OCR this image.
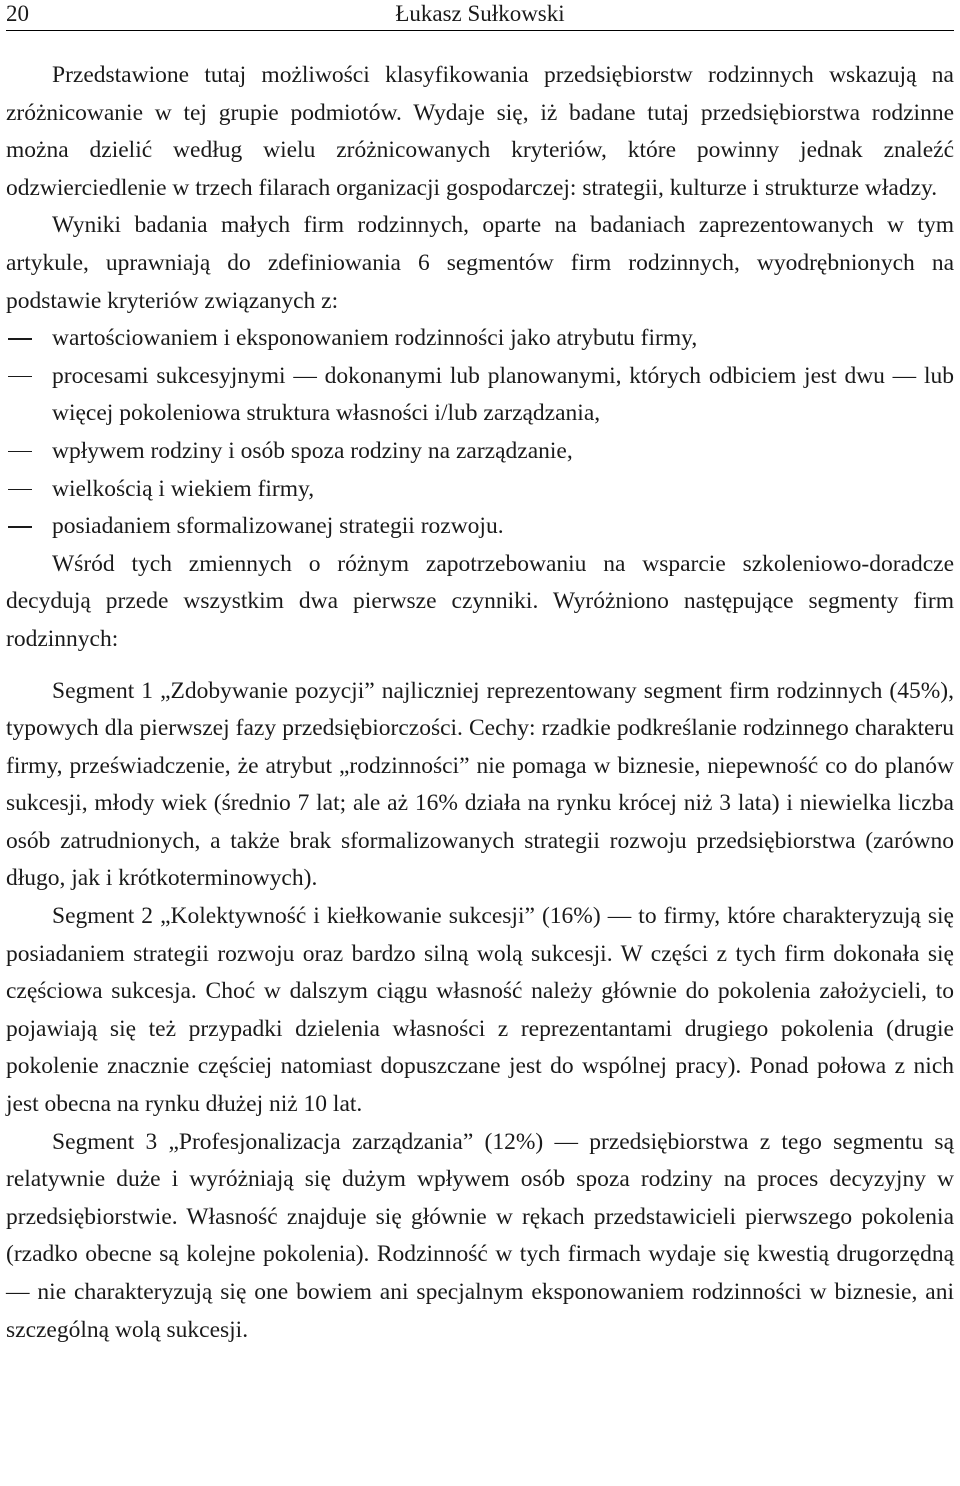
20	Łukasz Sułkowski

Przedstawione tutaj możliwości klasyfikowania przedsiębiorstw rodzinnych wskazują na zróżnicowanie w tej grupie podmiotów. Wydaje się, iż badane tutaj przedsiębiorstwa rodzinne można dzielić według wielu zróżnicowanych kryteriów, które powinny jednak znaleźć odzwierciedlenie w trzech filarach organizacji gospodarczej: strategii, kulturze i strukturze władzy.

Wyniki badania małych firm rodzinnych, oparte na badaniach zaprezentowanych w tym artykule, uprawniają do zdefiniowania 6 segmentów firm rodzinnych, wyodrębnionych na podstawie kryteriów związanych z:

wartościowaniem i eksponowaniem rodzinności jako atrybutu firmy,
procesami sukcesyjnymi — dokonanymi lub planowanymi, których odbiciem jest dwu — lub więcej pokoleniowa struktura własności i/lub zarządzania,
wpływem rodziny i osób spoza rodziny na zarządzanie,
wielkością i wiekiem firmy,
posiadaniem sformalizowanej strategii rozwoju.

Wśród tych zmiennych o różnym zapotrzebowaniu na wsparcie szkoleniowo-doradcze decydują przede wszystkim dwa pierwsze czynniki. Wyróżniono następujące segmenty firm rodzinnych:

Segment 1 „Zdobywanie pozycji” najliczniej reprezentowany segment firm rodzinnych (45%), typowych dla pierwszej fazy przedsiębiorczości. Cechy: rzadkie podkreślanie rodzinnego charakteru firmy, przeświadczenie, że atrybut „rodzinności” nie pomaga w biznesie, niepewność co do planów sukcesji, młody wiek (średnio 7 lat; ale aż 16% działa na rynku krócej niż 3 lata) i niewielka liczba osób zatrudnionych, a także brak sformalizowanych strategii rozwoju przedsiębiorstwa (zarówno długo, jak i krótkoterminowych).

Segment 2 „Kolektywność i kiełkowanie sukcesji” (16%) — to firmy, które charakteryzują się posiadaniem strategii rozwoju oraz bardzo silną wolą sukcesji. W części z tych firm dokonała się częściowa sukcesja. Choć w dalszym ciągu własność należy głównie do pokolenia założycieli, to pojawiają się też przypadki dzielenia własności z reprezentantami drugiego pokolenia (drugie pokolenie znacznie częściej natomiast dopuszczane jest do wspólnej pracy). Ponad połowa z nich jest obecna na rynku dłużej niż 10 lat.

Segment 3 „Profesjonalizacja zarządzania” (12%) — przedsiębiorstwa z tego segmentu są relatywnie duże i wyróżniają się dużym wpływem osób spoza rodziny na proces decyzyjny w przedsiębiorstwie. Własność znajduje się głównie w rękach przedstawicieli pierwszego pokolenia (rzadko obecne są kolejne pokolenia). Rodzinność w tych firmach wydaje się kwestią drugorzędną — nie charakteryzują się one bowiem ani specjalnym eksponowaniem rodzinności w biznesie, ani szczególną wolą sukcesji.
